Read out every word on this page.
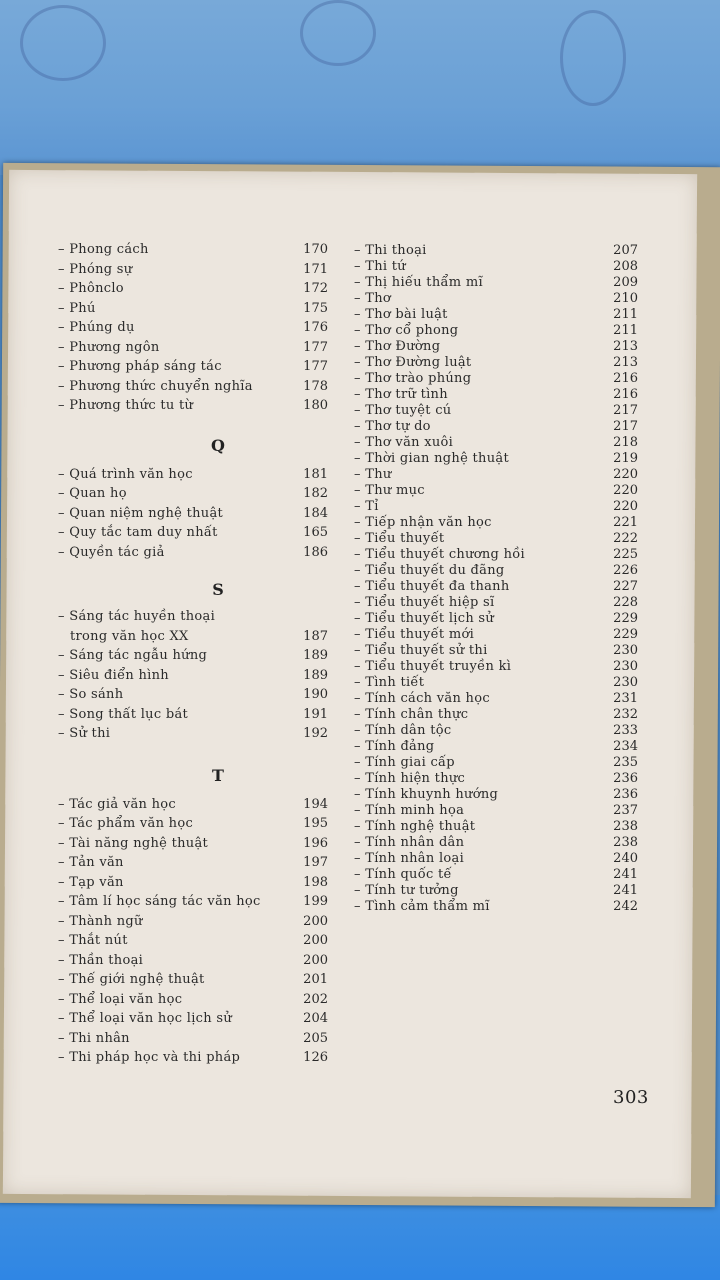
– Phong cách	170
– Phóng sự	171
– Phônclo	172
– Phú	175
– Phúng dụ	176
– Phương ngôn	177
– Phương pháp sáng tác	177
– Phương thức chuyển nghĩa	178
– Phương thức tu từ	180
Q
– Quá trình văn học	181
– Quan họ	182
– Quan niệm nghệ thuật	184
– Quy tắc tam duy nhất	165
– Quyền tác giả	186
S
– Sáng tác huyền thoại
trong văn học XX	187
– Sáng tác ngẫu hứng	189
– Siêu điển hình	189
– So sánh	190
– Song thất lục bát	191
– Sử thi	192
T
– Tác giả văn học	194
– Tác phẩm văn học	195
– Tài năng nghệ thuật	196
– Tản văn	197
– Tạp văn	198
– Tâm lí học sáng tác văn học	199
– Thành ngữ	200
– Thắt nút	200
– Thần thoại	200
– Thế giới nghệ thuật	201
– Thể loại văn học	202
– Thể loại văn học lịch sử	204
– Thi nhân	205
– Thi pháp học và thi pháp	126
– Thi thoại	207
– Thi tứ	208
– Thị hiếu thẩm mĩ	209
– Thơ	210
– Thơ bài luật	211
– Thơ cổ phong	211
– Thơ Đường	213
– Thơ Đường luật	213
– Thơ trào phúng	216
– Thơ trữ tình	216
– Thơ tuyệt cú	217
– Thơ tự do	217
– Thơ văn xuôi	218
– Thời gian nghệ thuật	219
– Thư	220
– Thư mục	220
– Tỉ	220
– Tiếp nhận văn học	221
– Tiểu thuyết	222
– Tiểu thuyết chương hồi	225
– Tiểu thuyết du đãng	226
– Tiểu thuyết đa thanh	227
– Tiểu thuyết hiệp sĩ	228
– Tiểu thuyết lịch sử	229
– Tiểu thuyết mới	229
– Tiểu thuyết sử thi	230
– Tiểu thuyết truyền kì	230
– Tình tiết	230
– Tính cách văn học	231
– Tính chân thực	232
– Tính dân tộc	233
– Tính đảng	234
– Tính giai cấp	235
– Tính hiện thực	236
– Tính khuynh hướng	236
– Tính minh họa	237
– Tính nghệ thuật	238
– Tính nhân dân	238
– Tính nhân loại	240
– Tính quốc tế	241
– Tính tư tưởng	241
– Tình cảm thẩm mĩ	242
303
